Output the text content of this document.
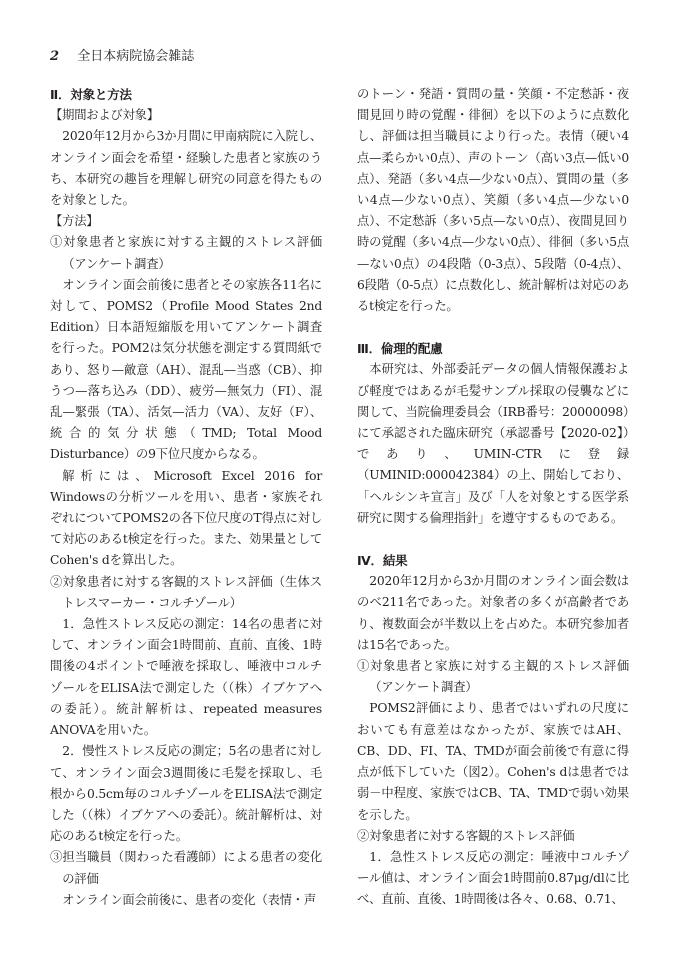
2 全日本病院協会雑誌

Ⅱ．対象と方法

【期間および対象】

2020年12月から3か月間に甲南病院に入院し、オンライン面会を希望・経験した患者と家族のうち、本研究の趣旨を理解し研究の同意を得たものを対象とした。

【方法】

①対象患者と家族に対する主観的ストレス評価（アンケート調査）

オンライン面会前後に患者とその家族各11名に対して、POMS2（Profile Mood States 2nd Edition）日本語短縮版を用いてアンケート調査を行った。POM2は気分状態を測定する質問紙であり、怒り—敵意（AH）、混乱—当惑（CB）、抑うつ—落ち込み（DD）、疲労—無気力（FI）、混乱—緊張（TA）、活気—活力（VA）、友好（F）、統合的気分状態（TMD; Total Mood Disturbance）の9下位尺度からなる。

解析には、Microsoft Excel 2016 for Windowsの分析ツールを用い、患者・家族それぞれについてPOMS2の各下位尺度のT得点に対して対応のあるt検定を行った。また、効果量としてCohen's dを算出した。

②対象患者に対する客観的ストレス評価（生体ストレスマーカー・コルチゾール）

1．急性ストレス反応の測定：14名の患者に対して、オンライン面会1時間前、直前、直後、1時間後の4ポイントで唾液を採取し、唾液中コルチゾールをELISA法で測定した（（株）イブケアへの委託）。統計解析は、repeated measures ANOVAを用いた。

2．慢性ストレス反応の測定；5名の患者に対して、オンライン面会3週間後に毛髪を採取し、毛根から0.5cm毎のコルチゾールをELISA法で測定した（（株）イブケアへの委託）。統計解析は、対応のあるt検定を行った。

③担当職員（関わった看護師）による患者の変化の評価

オンライン面会前後に、患者の変化（表情・声

のトーン・発語・質問の量・笑顔・不定愁訴・夜間見回り時の覚醒・徘徊）を以下のように点数化し、評価は担当職員により行った。表情（硬い4点—柔らかい0点）、声のトーン（高い3点—低い0点）、発語（多い4点—少ない0点）、質問の量（多い4点—少ない0点）、笑顔（多い4点—少ない0点）、不定愁訴（多い5点—ない0点）、夜間見回り時の覚醒（多い4点—少ない0点）、徘徊（多い5点—ない0点）の4段階（0-3点）、5段階（0-4点）、6段階（0-5点）に点数化し、統計解析は対応のあるt検定を行った。

Ⅲ．倫理的配慮

本研究は、外部委託データの個人情報保護および軽度ではあるが毛髪サンプル採取の侵襲などに関して、当院倫理委員会（IRB番号：20000098）にて承認された臨床研究（承認番号【2020-02】）であり、UMIN-CTRに登録（UMINID:000042384）の上、開始しており、「ヘルシンキ宣言」及び「人を対象とする医学系研究に関する倫理指針」を遵守するものである。

Ⅳ．結果

2020年12月から3か月間のオンライン面会数はのべ211名であった。対象者の多くが高齢者であり、複数面会が半数以上を占めた。本研究参加者は15名であった。

①対象患者と家族に対する主観的ストレス評価（アンケート調査）

POMS2評価により、患者ではいずれの尺度においても有意差はなかったが、家族ではAH、CB、DD、FI、TA、TMDが面会前後で有意に得点が低下していた（図2）。Cohen's dは患者では弱－中程度、家族ではCB、TA、TMDで弱い効果を示した。

②対象患者に対する客観的ストレス評価

1．急性ストレス反応の測定：唾液中コルチゾール値は、オンライン面会1時間前0.87μg/dlに比べ、直前、直後、1時間後は各々、0.68、0.71、
